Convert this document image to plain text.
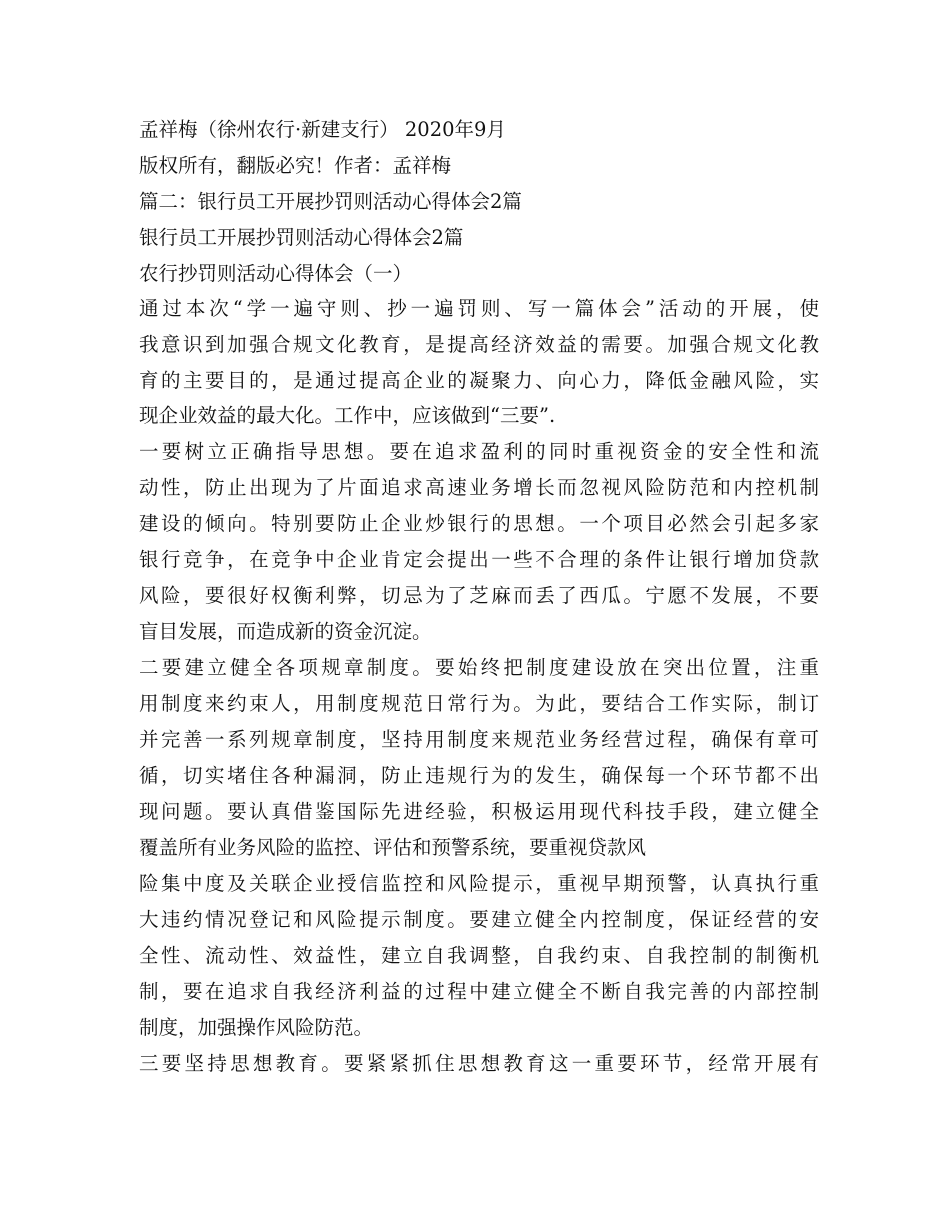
孟祥梅（徐州农行·新建支行） 2020年9月
版权所有，翻版必究！作者：孟祥梅
篇二：银行员工开展抄罚则活动心得体会2篇
银行员工开展抄罚则活动心得体会2篇
农行抄罚则活动心得体会（一）
通过本次“学一遍守则、抄一遍罚则、写一篇体会”活动的开展，使
我意识到加强合规文化教育，是提高经济效益的需要。加强合规文化教
育的主要目的，是通过提高企业的凝聚力、向心力，降低金融风险，实
现企业效益的最大化。工作中，应该做到“三要”.
一要树立正确指导思想。要在追求盈利的同时重视资金的安全性和流
动性，防止出现为了片面追求高速业务增长而忽视风险防范和内控机制
建设的倾向。特别要防止企业炒银行的思想。一个项目必然会引起多家
银行竞争，在竞争中企业肯定会提出一些不合理的条件让银行增加贷款
风险，要很好权衡利弊，切忌为了芝麻而丢了西瓜。宁愿不发展，不要
盲目发展，而造成新的资金沉淀。
二要建立健全各项规章制度。要始终把制度建设放在突出位置，注重
用制度来约束人，用制度规范日常行为。为此，要结合工作实际，制订
并完善一系列规章制度，坚持用制度来规范业务经营过程，确保有章可
循，切实堵住各种漏洞，防止违规行为的发生，确保每一个环节都不出
现问题。要认真借鉴国际先进经验，积极运用现代科技手段，建立健全
覆盖所有业务风险的监控、评估和预警系统，要重视贷款风
险集中度及关联企业授信监控和风险提示，重视早期预警，认真执行重
大违约情况登记和风险提示制度。要建立健全内控制度，保证经营的安
全性、流动性、效益性，建立自我调整，自我约束、自我控制的制衡机
制，要在追求自我经济利益的过程中建立健全不断自我完善的内部控制
制度，加强操作风险防范。
三要坚持思想教育。要紧紧抓住思想教育这一重要环节，经常开展有
